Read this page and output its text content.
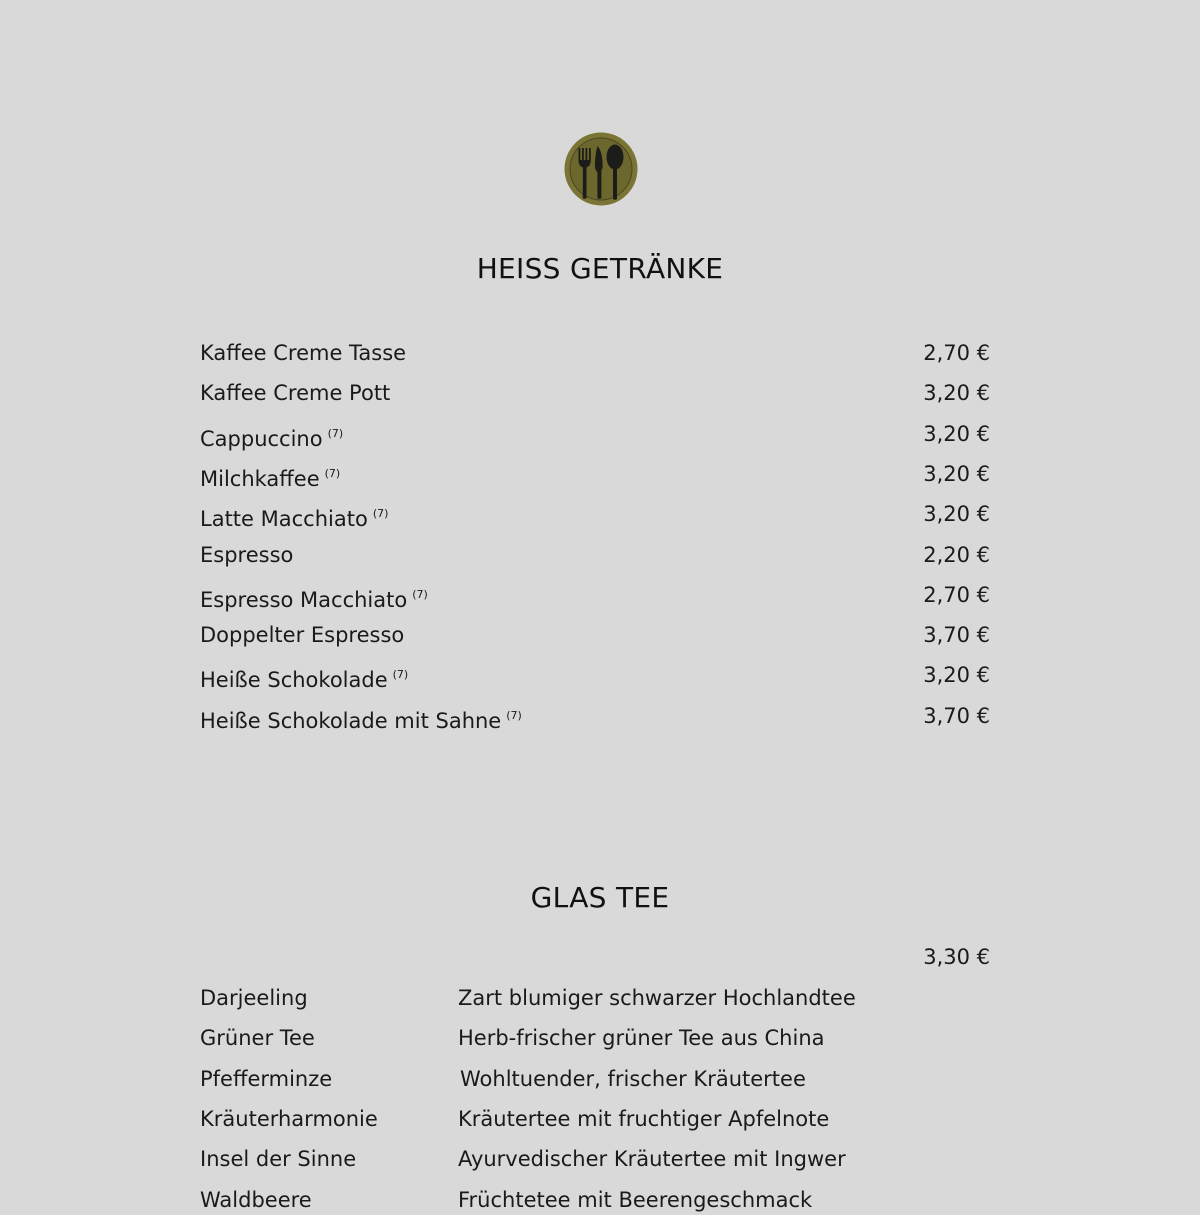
HEISS GETRÄNKE
Kaffee Creme Tasse	2,70 €
Kaffee Creme Pott	3,20 €
Cappuccino $^{(7)}$	3,20 €
Milchkaffee $^{(7)}$	3,20 €
Latte Macchiato $^{(7)}$	3,20 €
Espresso	2,20 €
Espresso Macchiato $^{(7)}$	2,70 €
Doppelter Espresso	3,70 €
Heiße Schokolade $^{(7)}$	3,20 €
Heiße Schokolade mit Sahne $^{(7)}$	3,70 €
GLAS TEE
3,30 €
Darjeeling	Zart blumiger schwarzer Hochlandtee
Grüner Tee	Herb-frischer grüner Tee aus China
Pfefferminze	Wohltuender, frischer Kräutertee
Kräuterharmonie	Kräutertee mit fruchtiger Apfelnote
Insel der Sinne	Ayurvedischer Kräutertee mit Ingwer
Waldbeere	Früchtetee mit Beerengeschmack
